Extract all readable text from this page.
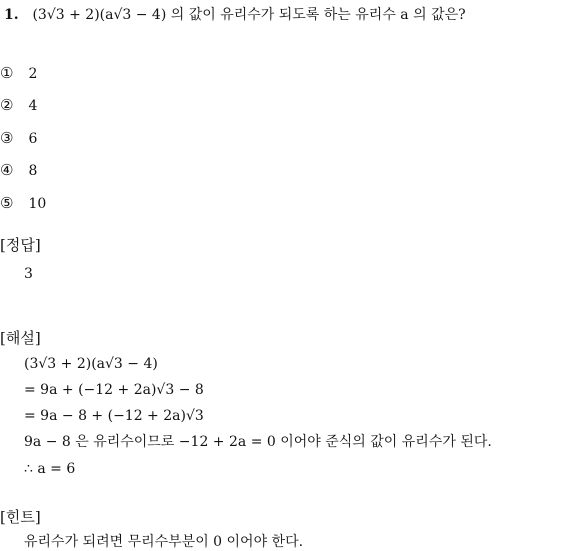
1. (3√3 + 2)(a√3 − 4) 의 값이 유리수가 되도록 하는 유리수 a 의 값은?
① 2
② 4
③ 6
④ 8
⑤ 10
[정답]
3
[해설]
(3√3 + 2)(a√3 − 4)
= 9a + (−12 + 2a)√3 − 8
= 9a − 8 + (−12 + 2a)√3
9a − 8 은 유리수이므로 −12 + 2a = 0 이어야 준식의 값이 유리수가 된다.
∴ a = 6
[힌트]
유리수가 되려면 무리수부분이 0 이어야 한다.
